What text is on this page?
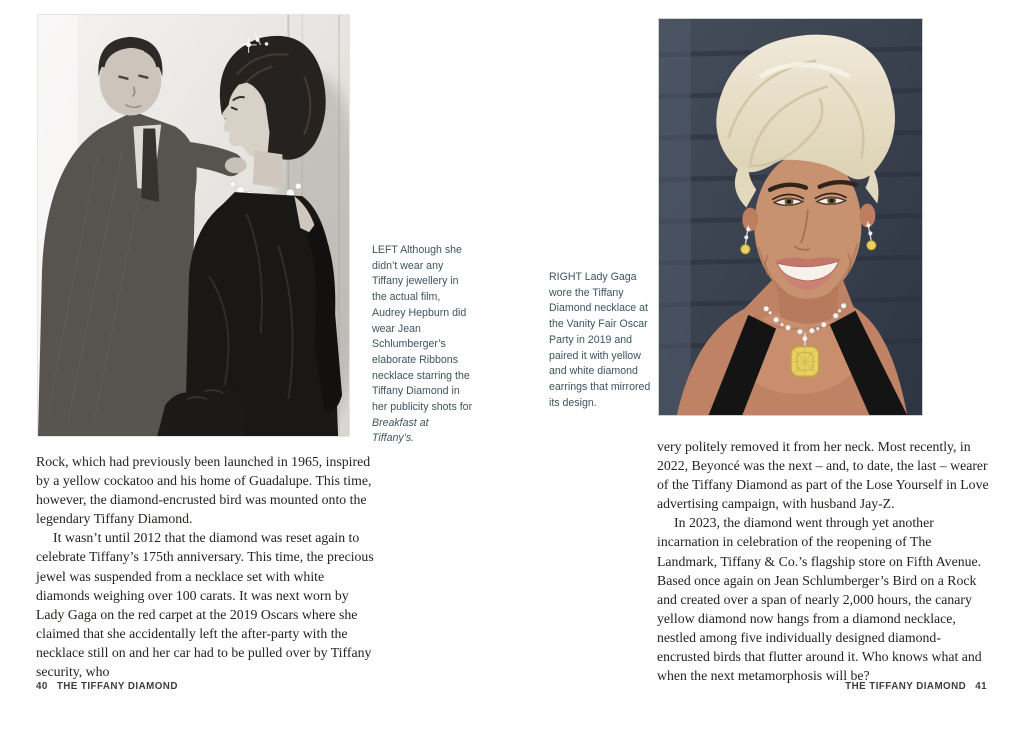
LEFT Although she didn’t wear any Tiffany jewellery in the actual film, Audrey Hepburn did wear Jean Schlumberger’s elaborate Ribbons necklace starring the Tiffany Diamond in her publicity shots for Breakfast at Tiffany’s.
RIGHT Lady Gaga wore the Tiffany Diamond necklace at the Vanity Fair Oscar Party in 2019 and paired it with yellow and white diamond earrings that mirrored its design.

Rock, which had previously been launched in 1965, inspired by a yellow cockatoo and his home of Guadalupe. This time, however, the diamond-encrusted bird was mounted onto the legendary Tiffany Diamond.

It wasn’t until 2012 that the diamond was reset again to celebrate Tiffany’s 175th anniversary. This time, the precious jewel was suspended from a necklace set with white diamonds weighing over 100 carats. It was next worn by Lady Gaga on the red carpet at the 2019 Oscars where she claimed that she accidentally left the after-party with the necklace still on and her car had to be pulled over by Tiffany security, who

very politely removed it from her neck. Most recently, in 2022, Beyoncé was the next – and, to date, the last – wearer of the Tiffany Diamond as part of the Lose Yourself in Love advertising campaign, with husband Jay-Z.

In 2023, the diamond went through yet another incarnation in celebration of the reopening of The Landmark, Tiffany & Co.’s flagship store on Fifth Avenue. Based once again on Jean Schlumberger’s Bird on a Rock and created over a span of nearly 2,000 hours, the canary yellow diamond now hangs from a diamond necklace, nestled among five individually designed diamond-encrusted birds that flutter around it. Who knows what and when the next metamorphosis will be?

40 THE TIFFANY DIAMOND	THE TIFFANY DIAMOND 41
